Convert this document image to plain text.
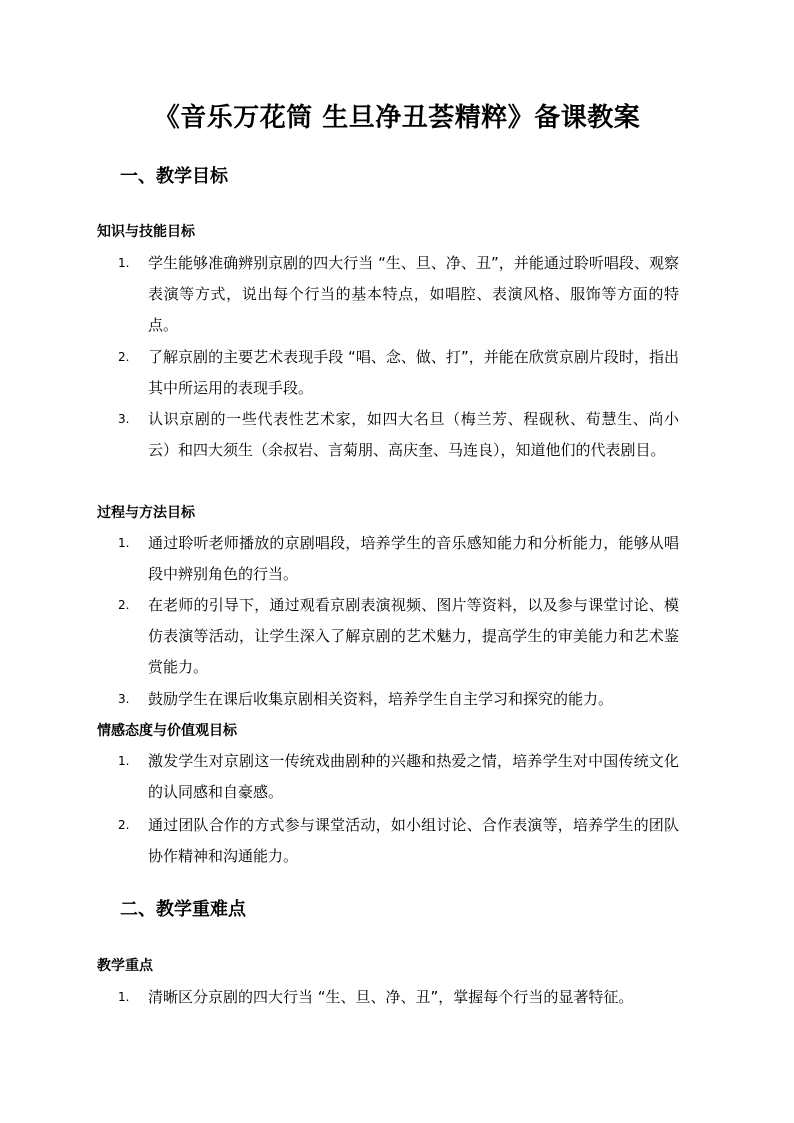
《音乐万花筒 生旦净丑荟精粹》备课教案
一、教学目标
知识与技能目标
1.	学生能够准确辨别京剧的四大行当 “生、旦、净、丑”，并能通过聆听唱段、观察表演等方式，说出每个行当的基本特点，如唱腔、表演风格、服饰等方面的特点。
2.	了解京剧的主要艺术表现手段 “唱、念、做、打”，并能在欣赏京剧片段时，指出其中所运用的表现手段。
3.	认识京剧的一些代表性艺术家，如四大名旦（梅兰芳、程砚秋、荀慧生、尚小云）和四大须生（余叔岩、言菊朋、高庆奎、马连良），知道他们的代表剧目。
过程与方法目标
1.	通过聆听老师播放的京剧唱段，培养学生的音乐感知能力和分析能力，能够从唱段中辨别角色的行当。
2.	在老师的引导下，通过观看京剧表演视频、图片等资料，以及参与课堂讨论、模仿表演等活动，让学生深入了解京剧的艺术魅力，提高学生的审美能力和艺术鉴赏能力。
3.	鼓励学生在课后收集京剧相关资料，培养学生自主学习和探究的能力。
情感态度与价值观目标
1.	激发学生对京剧这一传统戏曲剧种的兴趣和热爱之情，培养学生对中国传统文化的认同感和自豪感。
2.	通过团队合作的方式参与课堂活动，如小组讨论、合作表演等，培养学生的团队协作精神和沟通能力。
二、教学重难点
教学重点
1.	清晰区分京剧的四大行当 “生、旦、净、丑”，掌握每个行当的显著特征。
